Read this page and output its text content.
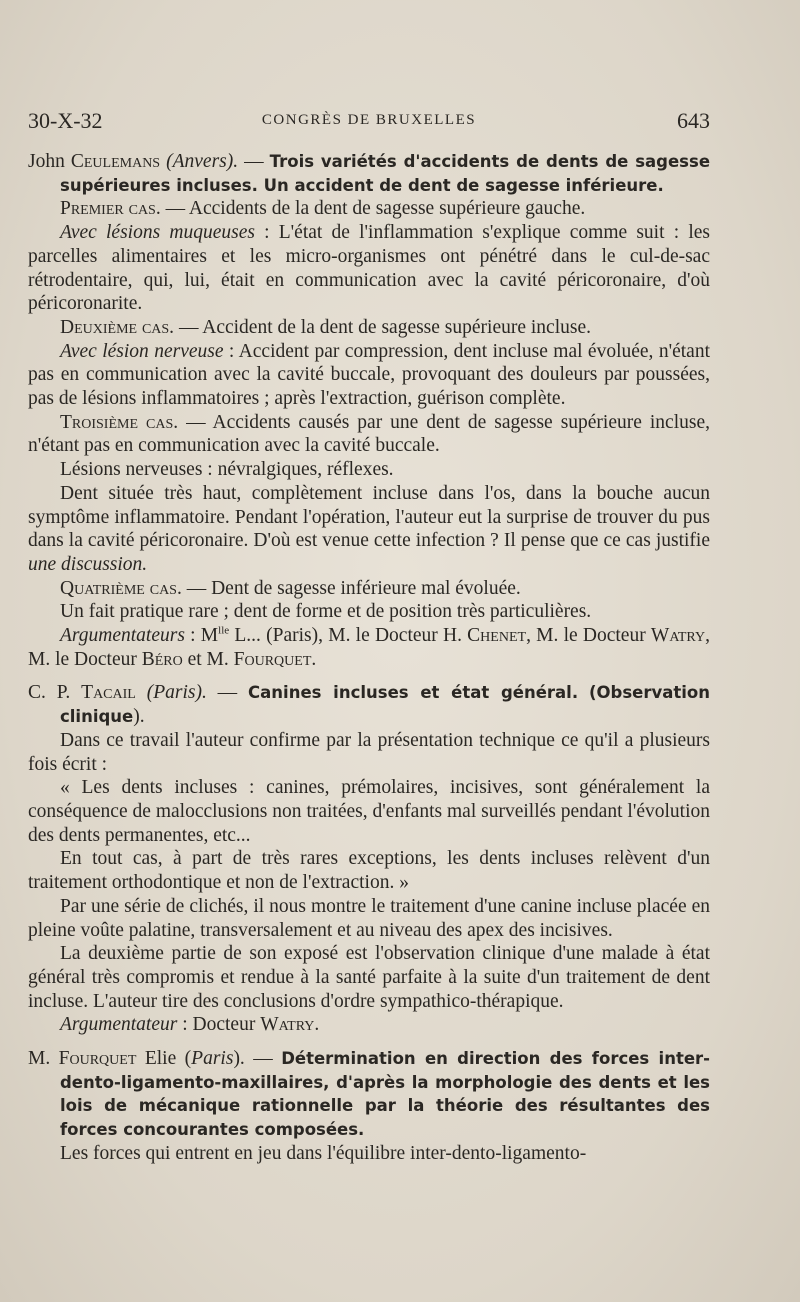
30-X-32	CONGRÈS DE BRUXELLES	643

John Ceulemans (Anvers). — Trois variétés d'accidents de dents de sagesse supérieures incluses. Un accident de dent de sagesse inférieure.

Premier cas. — Accidents de la dent de sagesse supérieure gauche.

Avec lésions muqueuses : L'état de l'inflammation s'explique comme suit : les parcelles alimentaires et les micro-organismes ont pénétré dans le cul-de-sac rétrodentaire, qui, lui, était en communication avec la cavité péricoronaire, d'où péricoronarite.

Deuxième cas. — Accident de la dent de sagesse supérieure incluse.

Avec lésion nerveuse : Accident par compression, dent incluse mal évoluée, n'étant pas en communication avec la cavité buccale, provoquant des douleurs par poussées, pas de lésions inflammatoires ; après l'extraction, guérison complète.

Troisième cas. — Accidents causés par une dent de sagesse supérieure incluse, n'étant pas en communication avec la cavité buccale.

Lésions nerveuses : névralgiques, réflexes.

Dent située très haut, complètement incluse dans l'os, dans la bouche aucun symptôme inflammatoire. Pendant l'opération, l'auteur eut la surprise de trouver du pus dans la cavité péricoronaire. D'où est venue cette infection ? Il pense que ce cas justifie une discussion.

Quatrième cas. — Dent de sagesse inférieure mal évoluée.

Un fait pratique rare ; dent de forme et de position très particulières.

Argumentateurs : $M^{lle}$ L... (Paris), M. le Docteur H. Chenet, M. le Docteur Watry, M. le Docteur Béro et M. Fourquet.

C. P. Tacail (Paris). — Canines incluses et état général. (Observation clinique).

Dans ce travail l'auteur confirme par la présentation technique ce qu'il a plusieurs fois écrit :

« Les dents incluses : canines, prémolaires, incisives, sont généralement la conséquence de malocclusions non traitées, d'enfants mal surveillés pendant l'évolution des dents permanentes, etc...

En tout cas, à part de très rares exceptions, les dents incluses relèvent d'un traitement orthodontique et non de l'extraction. »

Par une série de clichés, il nous montre le traitement d'une canine incluse placée en pleine voûte palatine, transversalement et au niveau des apex des incisives.

La deuxième partie de son exposé est l'observation clinique d'une malade à état général très compromis et rendue à la santé parfaite à la suite d'un traitement de dent incluse. L'auteur tire des conclusions d'ordre sympathico-thérapique.

Argumentateur : Docteur Watry.

M. Fourquet Elie (Paris). — Détermination en direction des forces inter-dento-ligamento-maxillaires, d'après la morphologie des dents et les lois de mécanique rationnelle par la théorie des résultantes des forces concourantes composées.

Les forces qui entrent en jeu dans l'équilibre inter-dento-ligamento-
